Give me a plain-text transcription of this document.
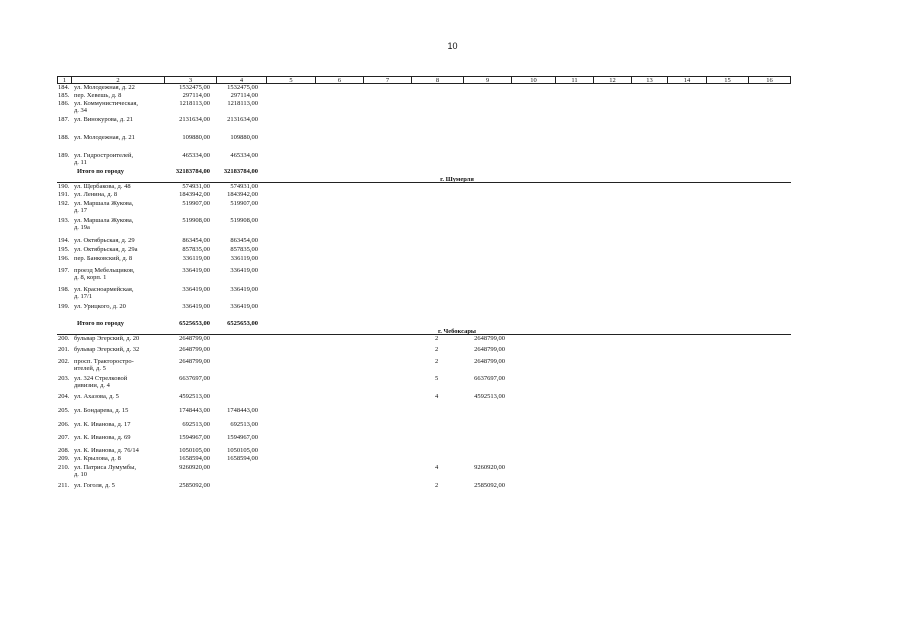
10
1	2	3	4	5	6	7	8	9	10	11	12	13	14	15	16
184. ул. Молодежная, д. 22	1532475,00	1532475,00
185. пер. Хевешь, д. 8	297114,00	297114,00
186. ул. Коммунистическая,
д. 34
1218113,00	1218113,00
187. ул. Винокурова, д. 21	2131634,00	2131634,00
188. ул. Молодежная, д. 21	109880,00	109880,00
189. ул. Гидростроителей,
д. 11
465334,00	465334,00
Итого по городу	32183784,00	32183784,00
г. Шумерля
190. ул. Щербакова, д. 48	574931,00	574931,00
191. ул. Ленина, д. 8	1843942,00	1843942,00
192. ул. Маршала Жукова,
д. 17
519907,00	519907,00
193. ул. Маршала Жукова,
д. 19а
519908,00	519908,00
194. ул. Октябрьская, д. 29	863454,00	863454,00
195. ул. Октябрьская, д. 29а	857835,00	857835,00
196. пер. Банковский, д. 8	336119,00	336119,00
197. проезд Мебельщиков,
д. 8, корп. 1
336419,00	336419,00
198. ул. Красноармейская,
д. 17/1
336419,00	336419,00
199. ул. Урицкого, д. 20	336419,00	336419,00
Итого по городу	6525653,00	6525653,00
г. Чебоксары
200. бульвар Эгерский, д. 20	2648799,00	2	2648799,00
201. бульвар Эгерский, д. 32	2648799,00	2	2648799,00
202. просп. Тракторостро-
ителей, д. 5
2648799,00	2	2648799,00
203. ул. 324 Стрелковой
дивизии, д. 4
6637697,00	5	6637697,00
204. ул. Ахазова, д. 5	4592513,00	4	4592513,00
205. ул. Бондарева, д. 15	1748443,00	1748443,00
206. ул. К. Иванова, д. 17	692513,00	692513,00
207. ул. К. Иванова, д. 69	1594967,00	1594967,00
208. ул. К. Иванова, д. 76/14	1050105,00	1050105,00
209. ул. Крылова, д. 8	1658594,00	1658594,00
210. ул. Патриса Лумумбы,
д. 10
9260920,00	4	9260920,00
211. ул. Гоголя, д. 5	2585092,00	2	2585092,00
